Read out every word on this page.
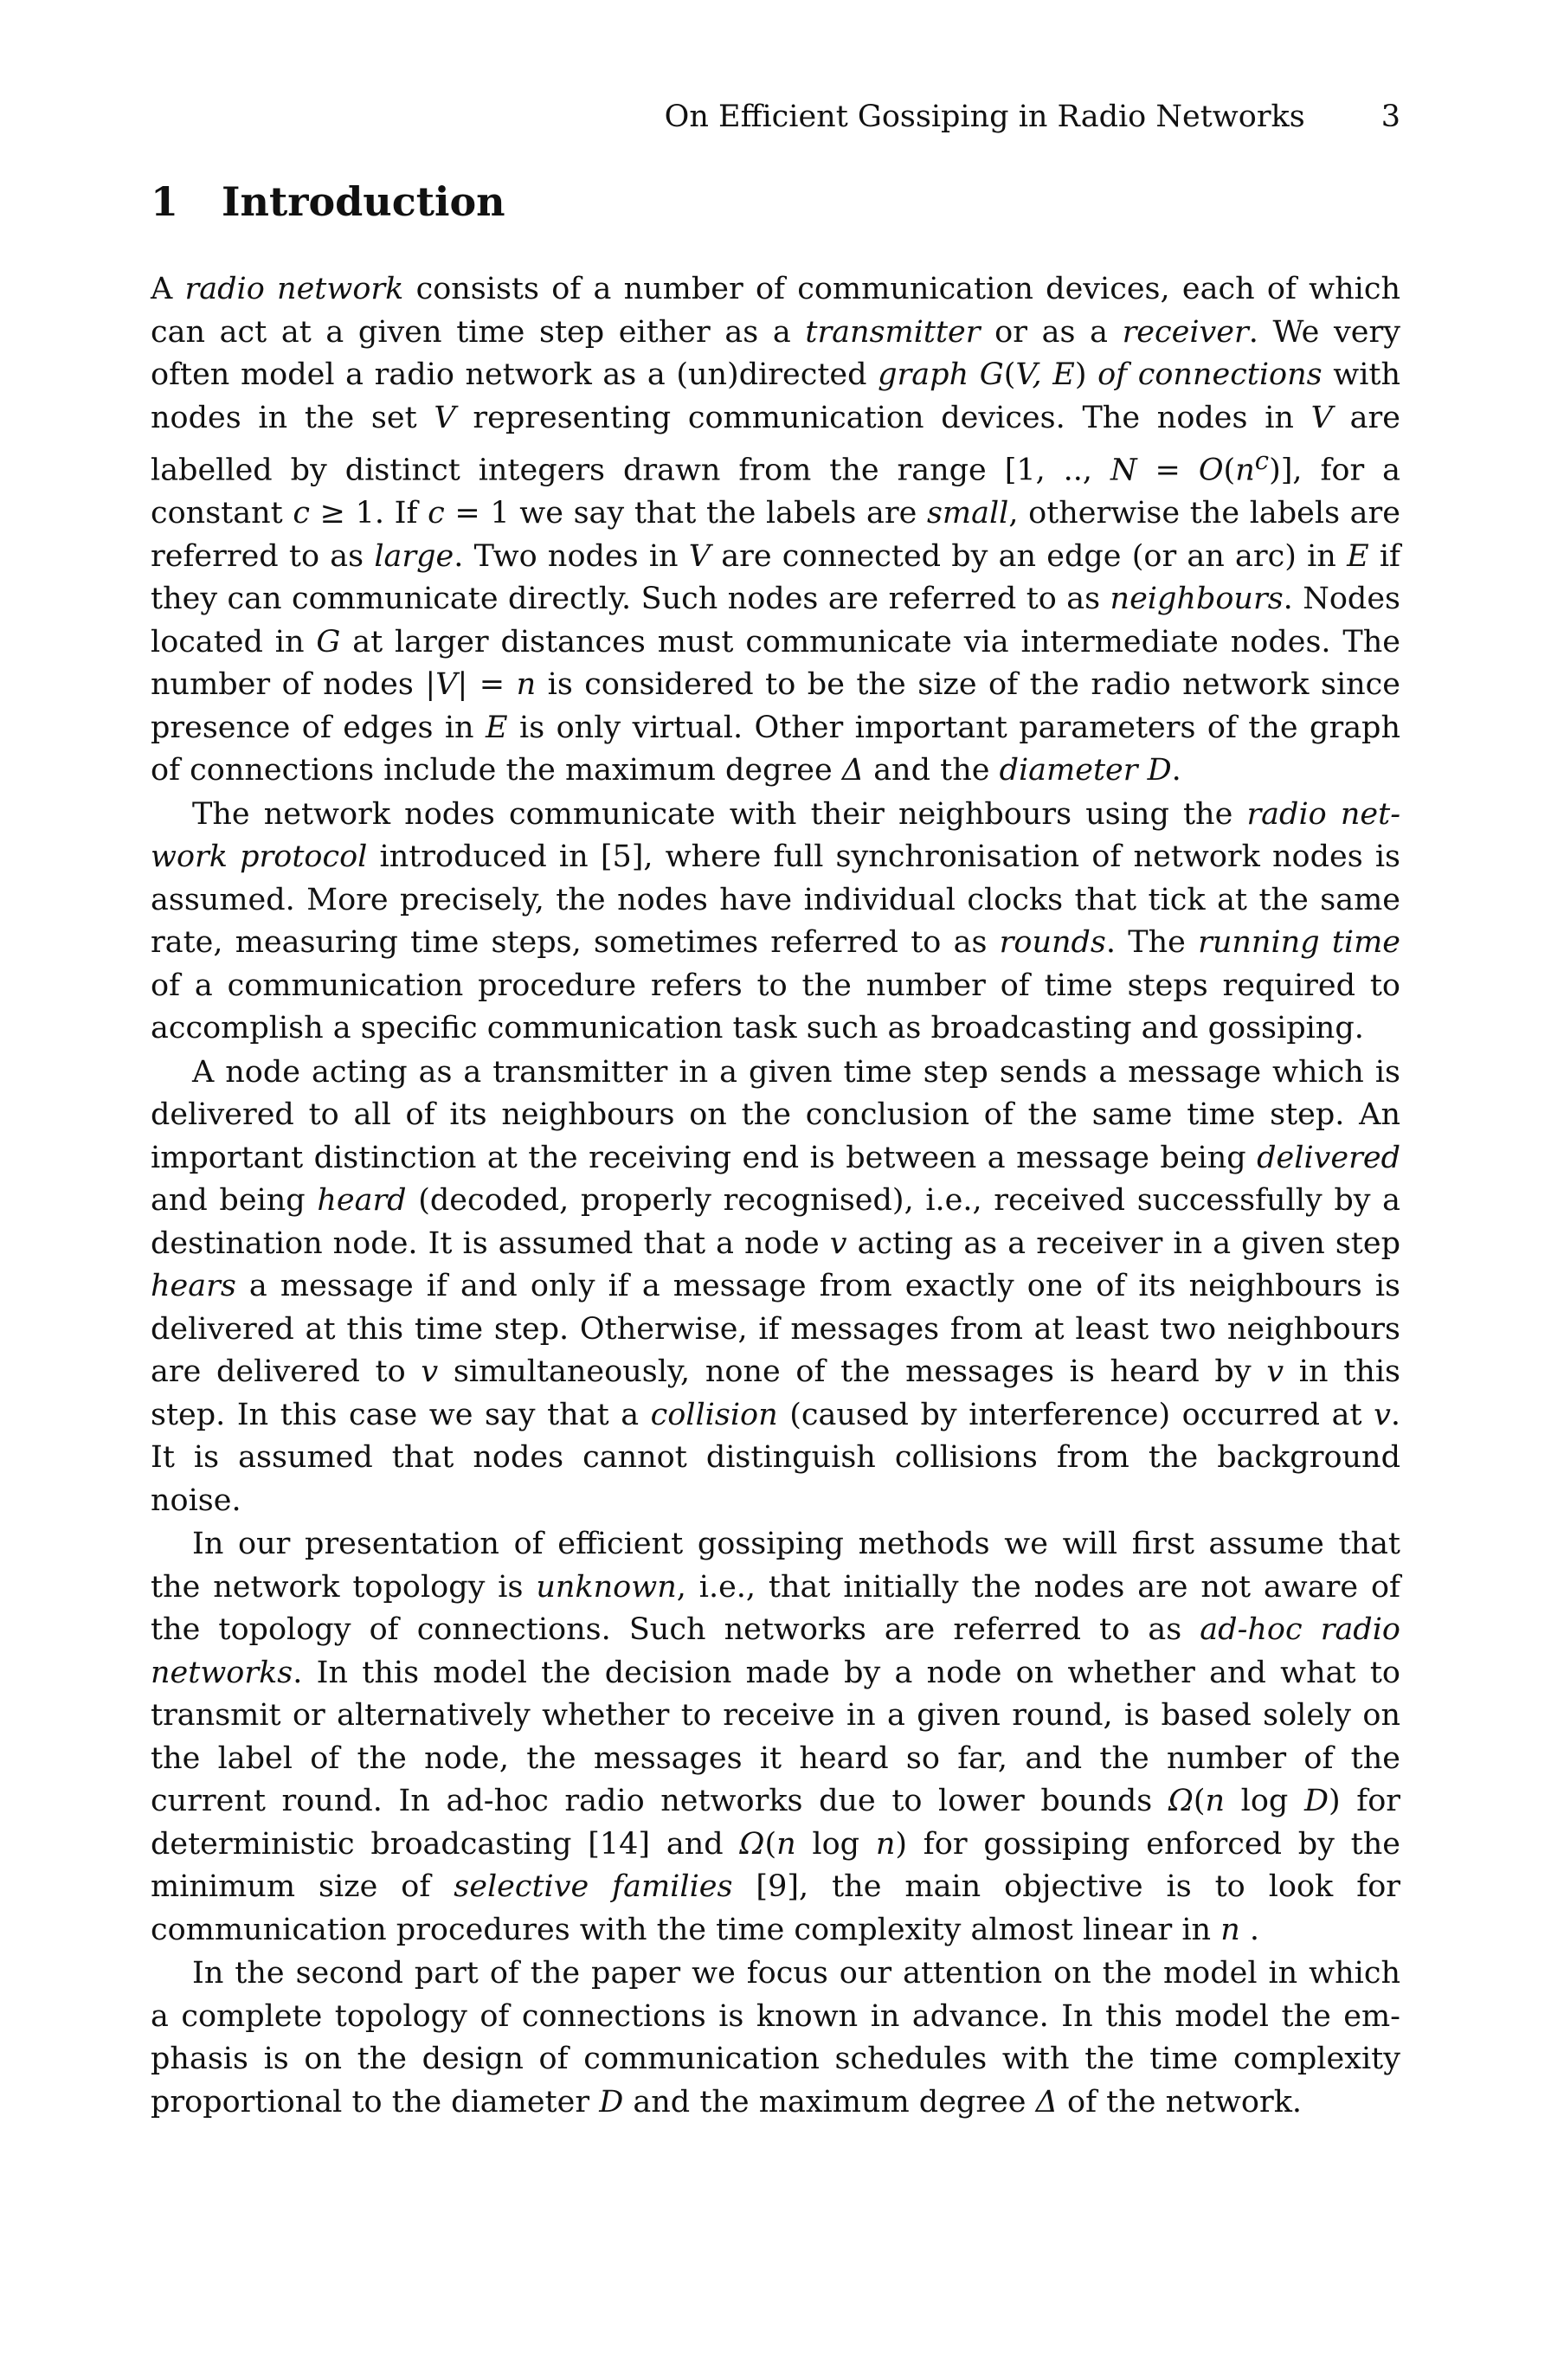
On Efficient Gossiping in Radio Networks	3
1 Introduction

A radio network consists of a number of communication devices, each of which can act at a given time step either as a transmitter or as a receiver. We very often model a radio network as a (un)directed graph G(V, E) of connections with nodes in the set V representing communication devices. The nodes in V are labelled by distinct integers drawn from the range [1, .., $N = O(n^c)$], for a constant c ≥ 1. If c = 1 we say that the labels are small, otherwise the labels are referred to as large. Two nodes in V are connected by an edge (or an arc) in E if they can communicate directly. Such nodes are referred to as neighbours. Nodes located in G at larger distances must communicate via intermediate nodes. The number of nodes |V| = n is considered to be the size of the radio network since presence of edges in E is only virtual. Other important parameters of the graph of connections include the maximum degree Δ and the diameter D.

The network nodes communicate with their neighbours using the radio network protocol introduced in [5], where full synchronisation of network nodes is assumed. More precisely, the nodes have individual clocks that tick at the same rate, measuring time steps, sometimes referred to as rounds. The running time of a communication procedure refers to the number of time steps required to accomplish a specific communication task such as broadcasting and gossiping.

A node acting as a transmitter in a given time step sends a message which is delivered to all of its neighbours on the conclusion of the same time step. An important distinction at the receiving end is between a message being delivered and being heard (decoded, properly recognised), i.e., received successfully by a destination node. It is assumed that a node v acting as a receiver in a given step hears a message if and only if a message from exactly one of its neighbours is delivered at this time step. Otherwise, if messages from at least two neighbours are delivered to v simultaneously, none of the messages is heard by v in this step. In this case we say that a collision (caused by interference) occurred at v. It is assumed that nodes cannot distinguish collisions from the background noise.

In our presentation of efficient gossiping methods we will first assume that the network topology is unknown, i.e., that initially the nodes are not aware of the topology of connections. Such networks are referred to as ad-hoc radio networks. In this model the decision made by a node on whether and what to transmit or alternatively whether to receive in a given round, is based solely on the label of the node, the messages it heard so far, and the number of the current round. In ad-hoc radio networks due to lower bounds Ω(n log D) for deterministic broadcasting [14] and Ω(n log n) for gossiping enforced by the minimum size of selective families [9], the main objective is to look for communication procedures with the time complexity almost linear in n .

In the second part of the paper we focus our attention on the model in which a complete topology of connections is known in advance. In this model the emphasis is on the design of communication schedules with the time complexity proportional to the diameter D and the maximum degree Δ of the network.
